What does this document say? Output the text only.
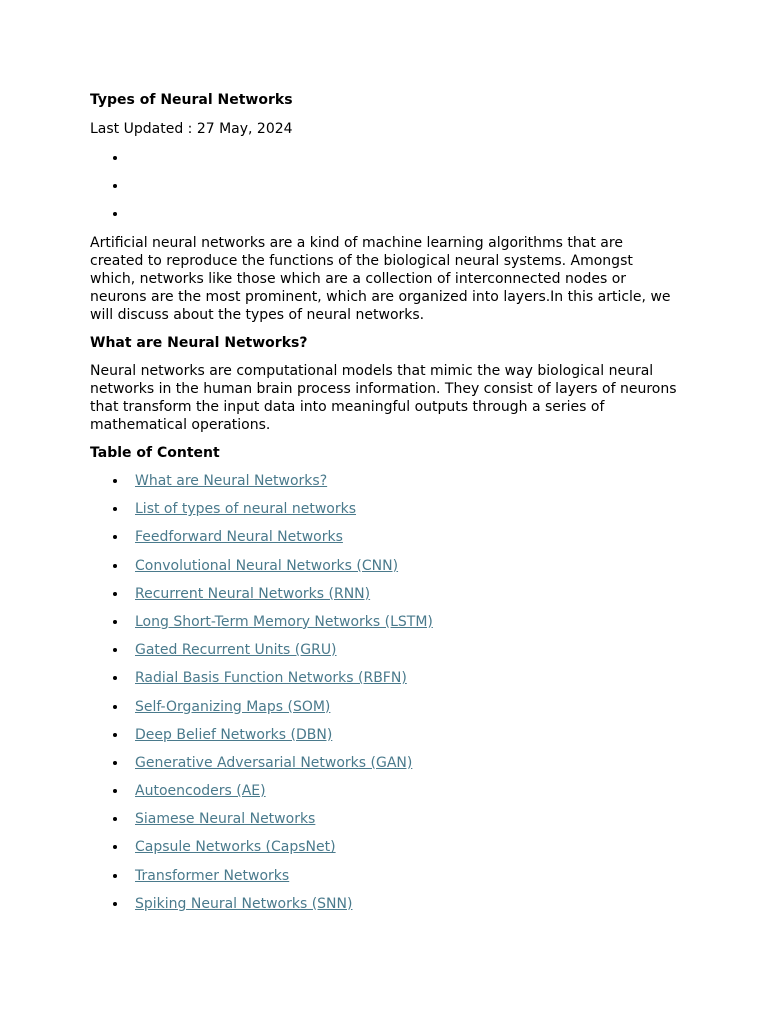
Types of Neural Networks
Last Updated : 27 May, 2024

Artificial neural networks are a kind of machine learning algorithms that are created to reproduce the functions of the biological neural systems. Amongst which, networks like those which are a collection of interconnected nodes or neurons are the most prominent, which are organized into layers.In this article, we will discuss about the types of neural networks.

What are Neural Networks?

Neural networks are computational models that mimic the way biological neural networks in the human brain process information. They consist of layers of neurons that transform the input data into meaningful outputs through a series of mathematical operations.

Table of Content
What are Neural Networks?
List of types of neural networks
Feedforward Neural Networks
Convolutional Neural Networks (CNN)
Recurrent Neural Networks (RNN)
Long Short-Term Memory Networks (LSTM)
Gated Recurrent Units (GRU)
Radial Basis Function Networks (RBFN)
Self-Organizing Maps (SOM)
Deep Belief Networks (DBN)
Generative Adversarial Networks (GAN)
Autoencoders (AE)
Siamese Neural Networks
Capsule Networks (CapsNet)
Transformer Networks
Spiking Neural Networks (SNN)
